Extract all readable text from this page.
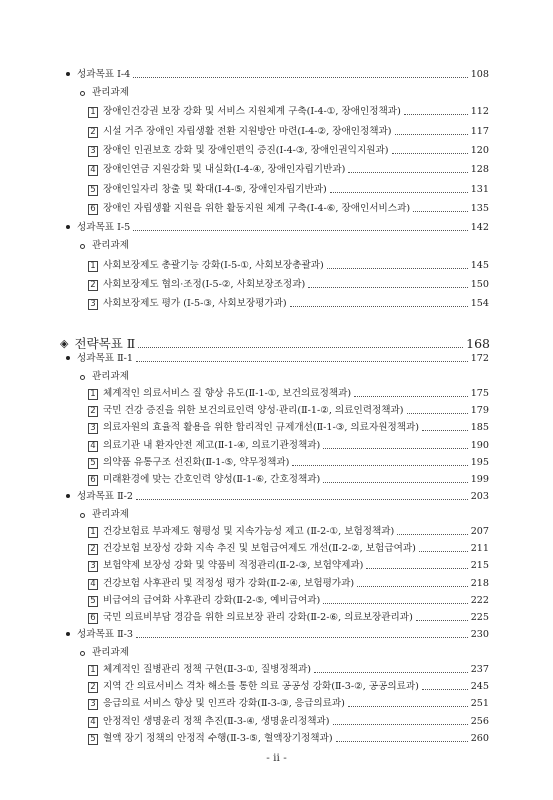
성과목표 Ⅰ-4	108
관리과제
1 장애인건강권 보장 강화 및 서비스 지원체계 구축(Ⅰ-4-①, 장애인정책과)	112
2 시설 거주 장애인 자립생활 전환 지원방안 마련(Ⅰ-4-②, 장애인정책과)	117
3 장애인 인권보호 강화 및 장애인편익 증진(Ⅰ-4-③, 장애인권익지원과)	120
4 장애인연금 지원강화 및 내실화(Ⅰ-4-④, 장애인자립기반과)	128
5 장애인일자리 창출 및 확대(Ⅰ-4-⑤, 장애인자립기반과)	131
6 장애인 자립생활 지원을 위한 활동지원 체계 구축(Ⅰ-4-⑥, 장애인서비스과)	135
성과목표 Ⅰ-5	142
관리과제
1 사회보장제도 총괄기능 강화(Ⅰ-5-①, 사회보장총괄과)	145
2 사회보장제도 협의·조정(Ⅰ-5-②, 사회보장조정과)	150
3 사회보장제도 평가 (Ⅰ-5-③, 사회보장평가과)	154
◈ 전략목표 Ⅱ	168
성과목표 Ⅱ-1	172
관리과제
1 체계적인 의료서비스 질 향상 유도(Ⅱ-1-①, 보건의료정책과)	175
2 국민 건강 증진을 위한 보건의료인력 양성·관리(Ⅱ-1-②, 의료인력정책과)	179
3 의료자원의 효율적 활용을 위한 합리적인 규제개선(Ⅱ-1-③, 의료자원정책과)	185
4 의료기관 내 환자안전 제고(Ⅱ-1-④, 의료기관정책과)	190
5 의약품 유통구조 선진화(Ⅱ-1-⑤, 약무정책과)	195
6 미래환경에 맞는 간호인력 양성(Ⅱ-1-⑥, 간호정책과)	199
성과목표 Ⅱ-2	203
관리과제
1 건강보험료 부과제도 형평성 및 지속가능성 제고 (Ⅱ-2-①, 보험정책과)	207
2 건강보험 보장성 강화 지속 추진 및 보험급여제도 개선(Ⅱ-2-②, 보험급여과)	211
3 보험약제 보장성 강화 및 약품비 적정관리(Ⅱ-2-③, 보험약제과)	215
4 건강보험 사후관리 및 적정성 평가 강화(Ⅱ-2-④, 보험평가과)	218
5 비급여의 급여화 사후관리 강화(Ⅱ-2-⑤, 예비급여과)	222
6 국민 의료비부담 경감을 위한 의료보장 관리 강화(Ⅱ-2-⑥, 의료보장관리과)	225
성과목표 Ⅱ-3	230
관리과제
1 체계적인 질병관리 정책 구현(Ⅱ-3-①, 질병정책과)	237
2 지역 간 의료서비스 격차 해소를 통한 의료 공공성 강화(Ⅱ-3-②, 공공의료과)	245
3 응급의료 서비스 향상 및 인프라 강화(Ⅱ-3-③, 응급의료과)	251
4 안정적인 생명윤리 정책 추진(Ⅱ-3-④, 생명윤리정책과)	256
5 혈액 장기 정책의 안정적 수행(Ⅱ-3-⑤, 혈액장기정책과)	260
- ii -
